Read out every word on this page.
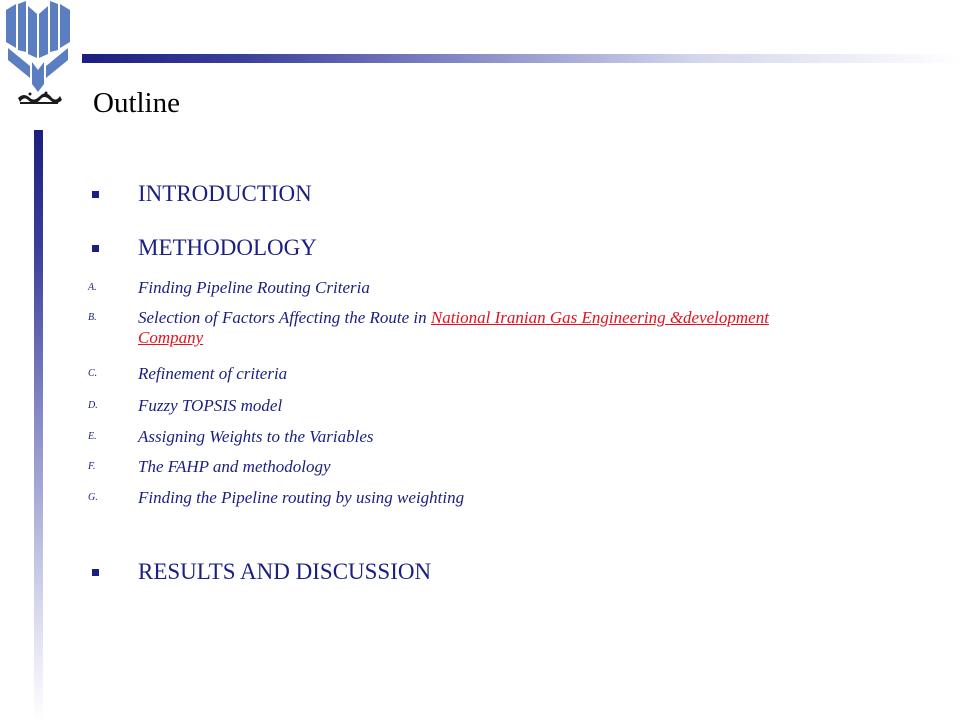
Outline
INTRODUCTION
METHODOLOGY
A. Finding Pipeline Routing Criteria
B. Selection of Factors Affecting the Route in National Iranian Gas Engineering &development Company
C. Refinement of criteria
D. Fuzzy TOPSIS model
E. Assigning Weights to the Variables
F.	The FAHP and methodology
G. Finding the Pipeline routing by using weighting
RESULTS AND DISCUSSION
